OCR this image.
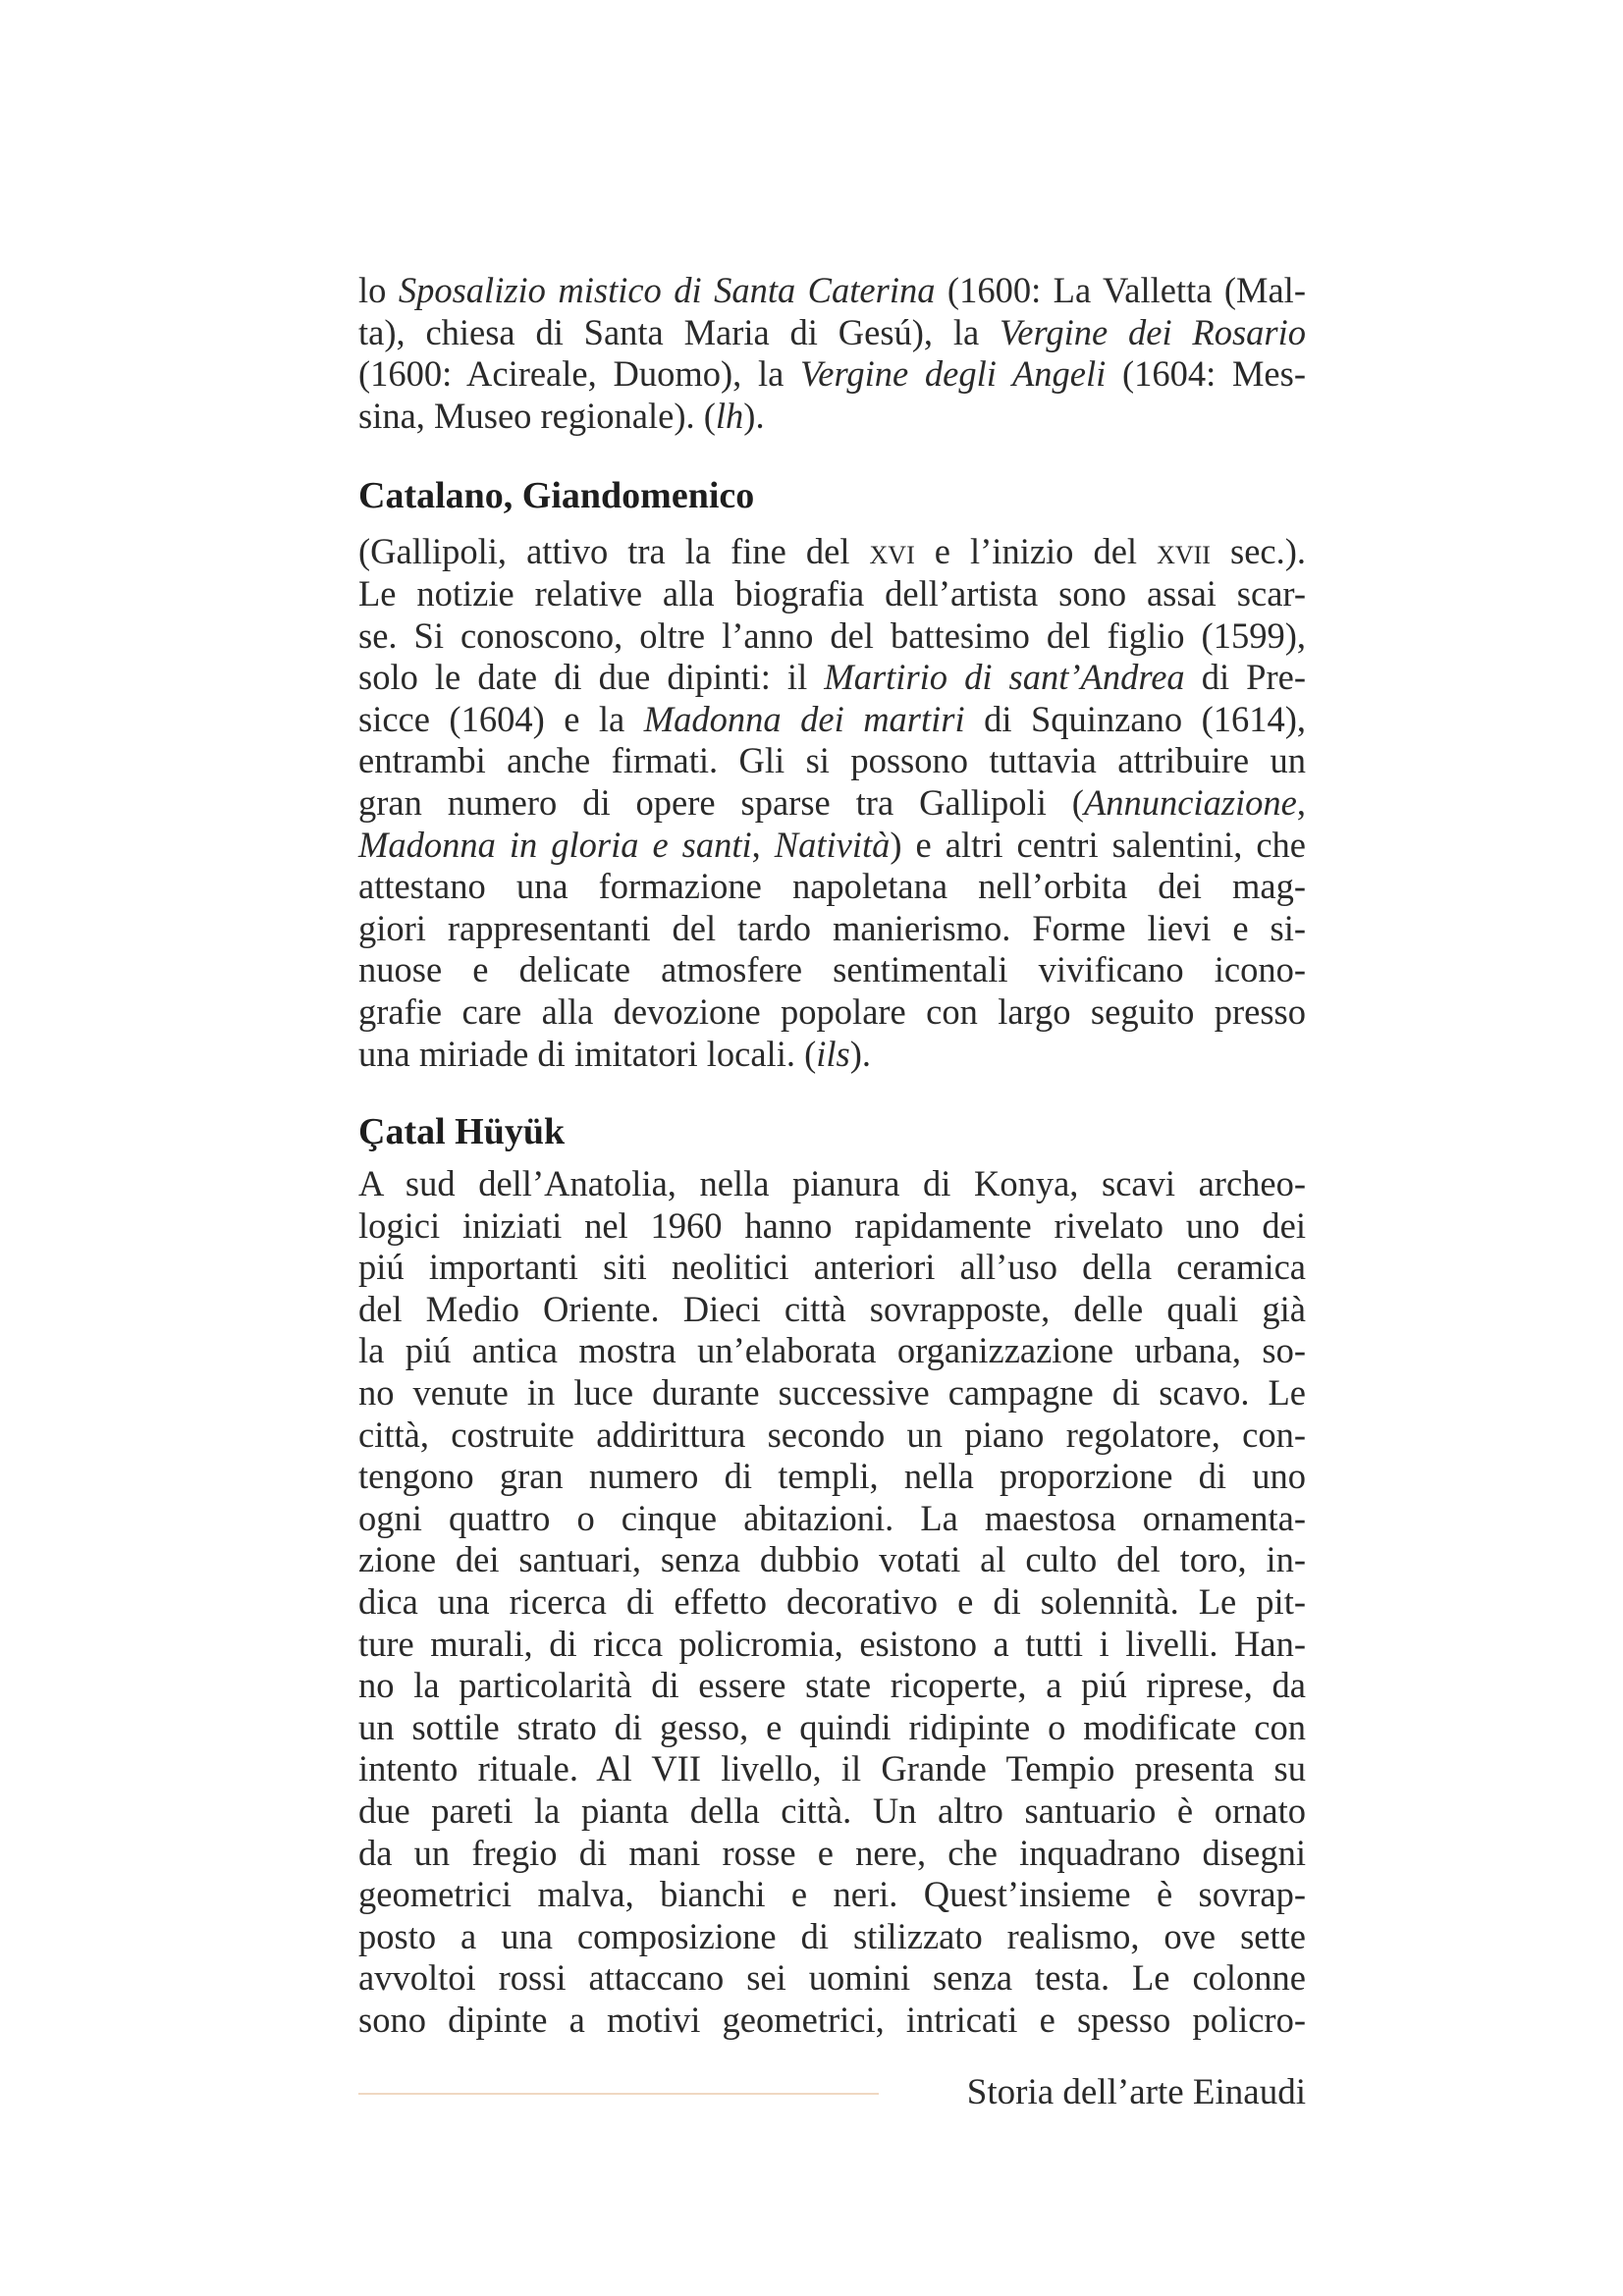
lo Sposalizio mistico di Santa Caterina (1600: La Valletta (Mal-
ta), chiesa di Santa Maria di Gesú), la Vergine dei Rosario
(1600: Acireale, Duomo), la Vergine degli Angeli (1604: Mes-
sina, Museo regionale). (lh).

Catalano, Giandomenico

(Gallipoli, attivo tra la fine del xvi e l’inizio del xvii sec.).
Le notizie relative alla biografia dell’artista sono assai scar-
se. Si conoscono, oltre l’anno del battesimo del figlio (1599),
solo le date di due dipinti: il Martirio di sant’Andrea di Pre-
sicce (1604) e la Madonna dei martiri di Squinzano (1614),
entrambi anche firmati. Gli si possono tuttavia attribuire un
gran numero di opere sparse tra Gallipoli (Annunciazione,
Madonna in gloria e santi, Natività) e altri centri salentini, che
attestano una formazione napoletana nell’orbita dei mag-
giori rappresentanti del tardo manierismo. Forme lievi e si-
nuose e delicate atmosfere sentimentali vivificano icono-
grafie care alla devozione popolare con largo seguito presso
una miriade di imitatori locali. (ils).

Çatal Hüyük

A sud dell’Anatolia, nella pianura di Konya, scavi archeo-
logici iniziati nel 1960 hanno rapidamente rivelato uno dei
piú importanti siti neolitici anteriori all’uso della ceramica
del Medio Oriente. Dieci città sovrapposte, delle quali già
la piú antica mostra un’elaborata organizzazione urbana, so-
no venute in luce durante successive campagne di scavo. Le
città, costruite addirittura secondo un piano regolatore, con-
tengono gran numero di templi, nella proporzione di uno
ogni quattro o cinque abitazioni. La maestosa ornamenta-
zione dei santuari, senza dubbio votati al culto del toro, in-
dica una ricerca di effetto decorativo e di solennità. Le pit-
ture murali, di ricca policromia, esistono a tutti i livelli. Han-
no la particolarità di essere state ricoperte, a piú riprese, da
un sottile strato di gesso, e quindi ridipinte o modificate con
intento rituale. Al VII livello, il Grande Tempio presenta su
due pareti la pianta della città. Un altro santuario è ornato
da un fregio di mani rosse e nere, che inquadrano disegni
geometrici malva, bianchi e neri. Quest’insieme è sovrap-
posto a una composizione di stilizzato realismo, ove sette
avvoltoi rossi attaccano sei uomini senza testa. Le colonne
sono dipinte a motivi geometrici, intricati e spesso policro-

Storia dell’arte Einaudi
